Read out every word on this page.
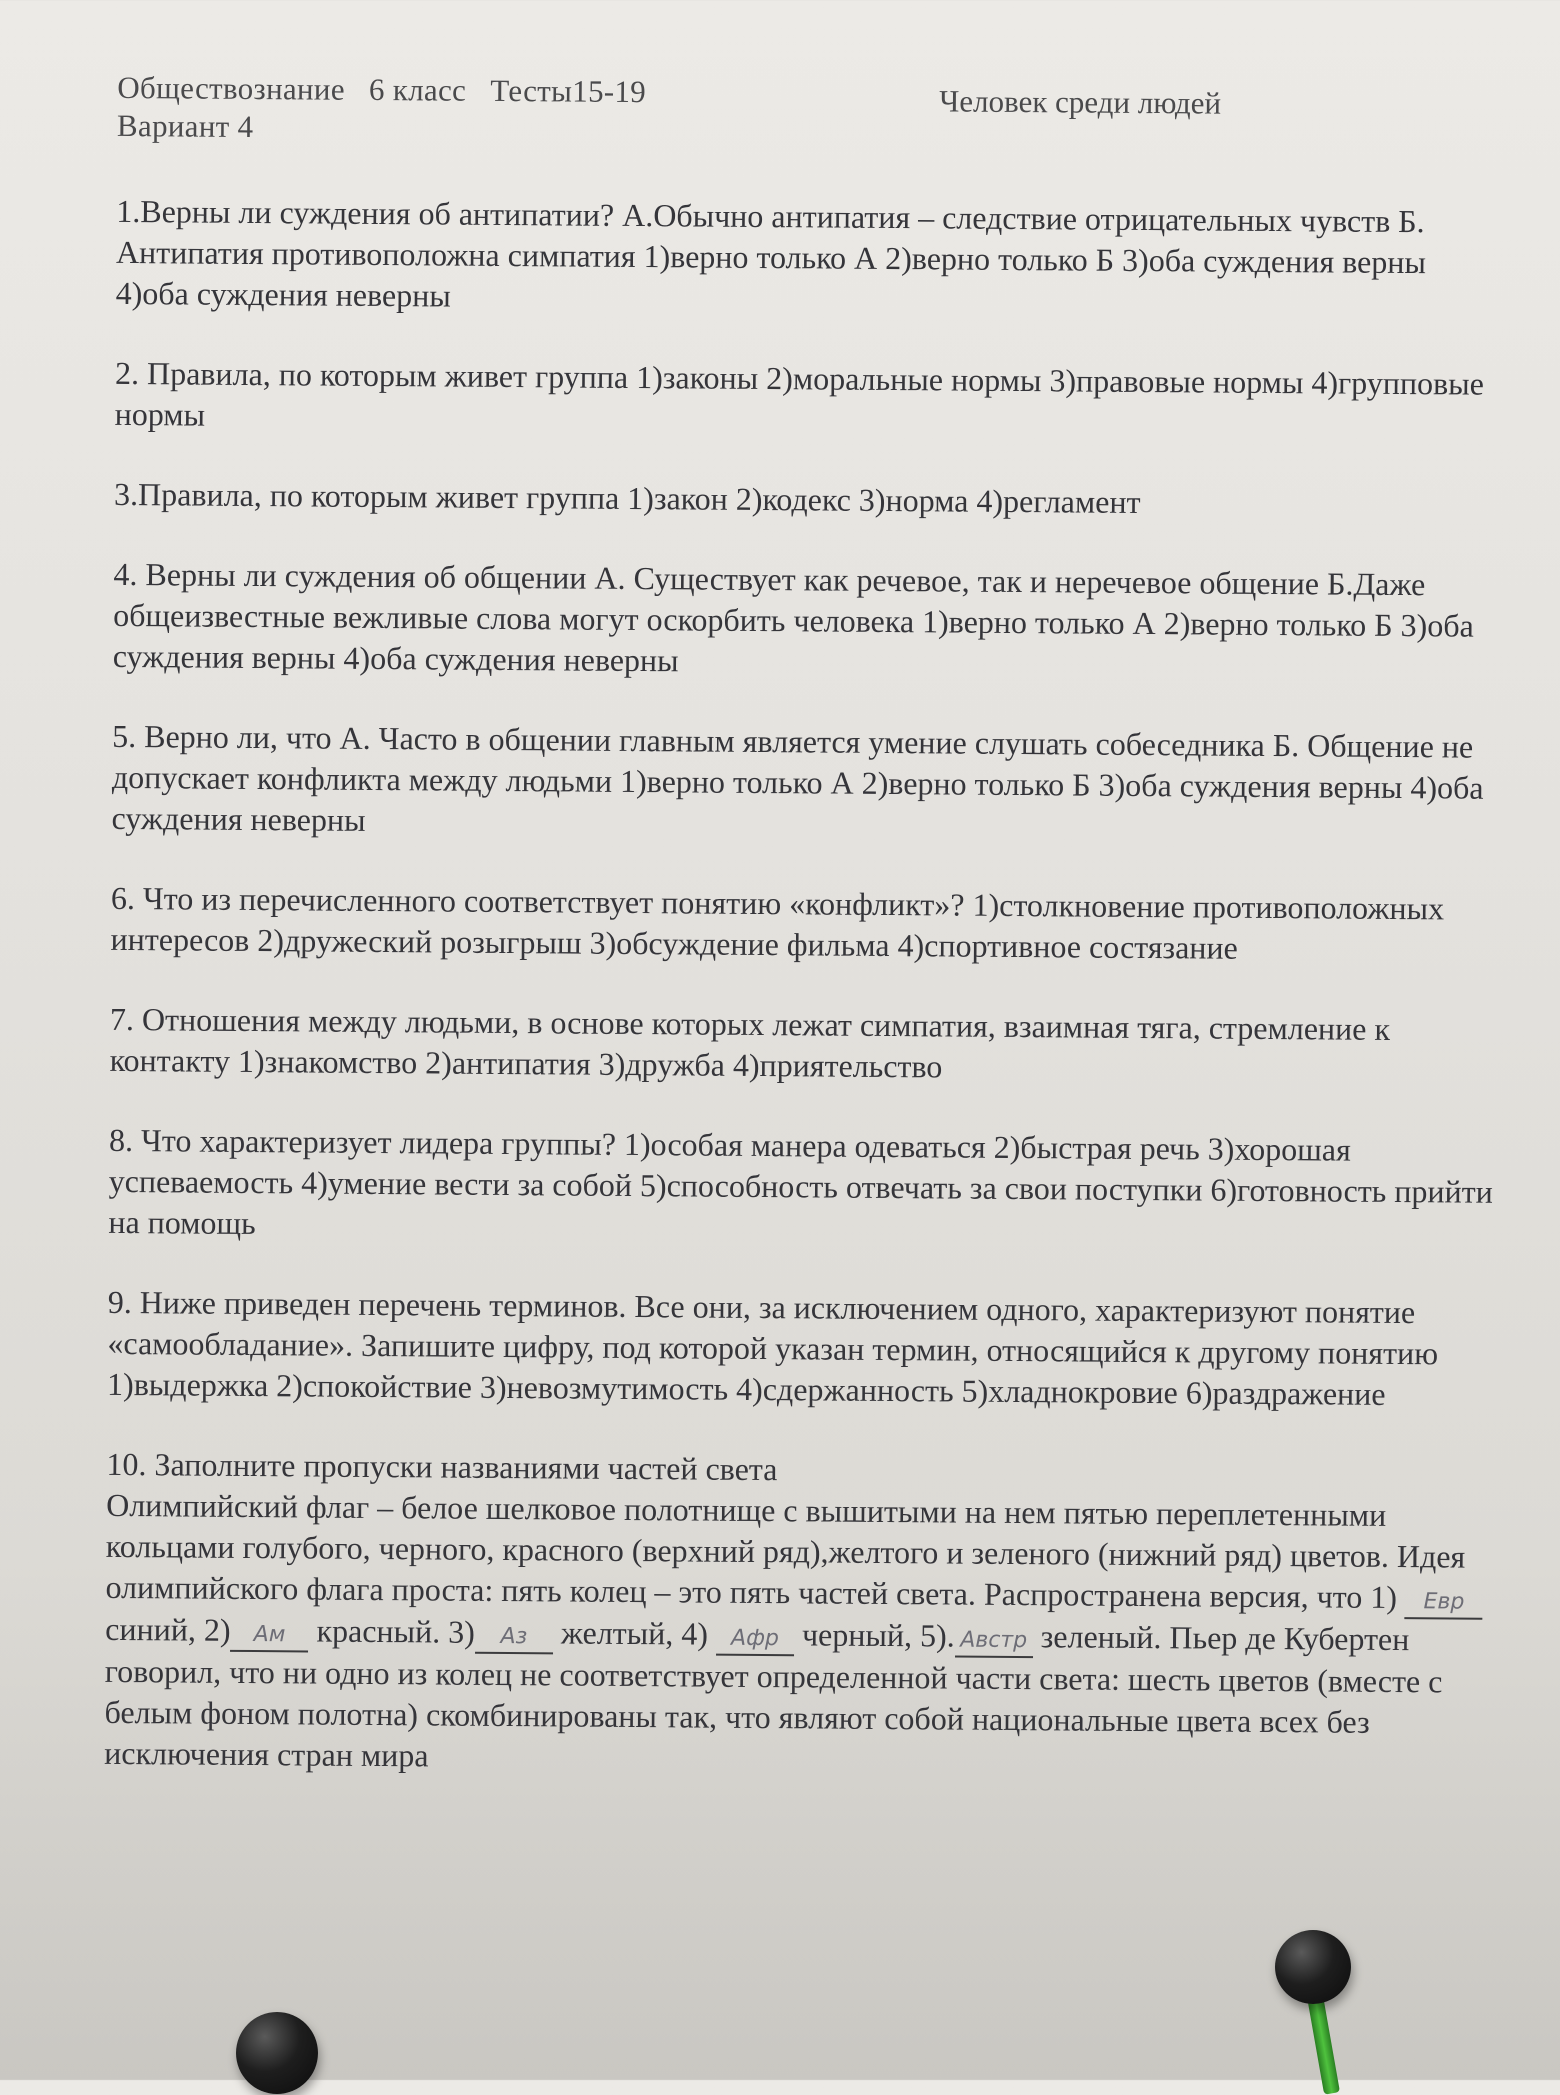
Обществознание 6 класс Тесты15-19
Вариант 4
Человек среди людей

1.Верны ли суждения об антипатии? А.Обычно антипатия – следствие отрицательных чувств Б. Антипатия противоположна симпатия 1)верно только А 2)верно только Б 3)оба суждения верны 4)оба суждения неверны

2. Правила, по которым живет группа 1)законы 2)моральные нормы 3)правовые нормы 4)групповые нормы

3.Правила, по которым живет группа 1)закон 2)кодекс 3)норма 4)регламент

4. Верны ли суждения об общении А. Существует как речевое, так и неречевое общение Б.Даже общеизвестные вежливые слова могут оскорбить человека 1)верно только А 2)верно только Б 3)оба суждения верны 4)оба суждения неверны

5. Верно ли, что А. Часто в общении главным является умение слушать собеседника Б. Общение не допускает конфликта между людьми 1)верно только А 2)верно только Б 3)оба суждения верны 4)оба суждения неверны

6. Что из перечисленного соответствует понятию «конфликт»? 1)столкновение противоположных интересов 2)дружеский розыгрыш 3)обсуждение фильма 4)спортивное состязание

7. Отношения между людьми, в основе которых лежат симпатия, взаимная тяга, стремление к контакту 1)знакомство 2)антипатия 3)дружба 4)приятельство

8. Что характеризует лидера группы? 1)особая манера одеваться 2)быстрая речь 3)хорошая успеваемость 4)умение вести за собой 5)способность отвечать за свои поступки 6)готовность прийти на помощь

9. Ниже приведен перечень терминов. Все они, за исключением одного, характеризуют понятие «самообладание». Запишите цифру, под которой указан термин, относящийся к другому понятию 1)выдержка 2)спокойствие 3)невозмутимость 4)сдержанность 5)хладнокровие 6)раздражение

10. Заполните пропуски названиями частей света
Олимпийский флаг – белое шелковое полотнище с вышитыми на нем пятью переплетенными кольцами голубого, черного, красного (верхний ряд),желтого и зеленого (нижний ряд) цветов. Идея олимпийского флага проста: пять колец – это пять частей света. Распространена версия, что 1) Евр синий, 2) Ам красный. 3) Аз желтый, 4) Афр черный, 5). Австр зеленый. Пьер де Кубертен говорил, что ни одно из колец не соответствует определенной части света: шесть цветов (вместе с белым фоном полотна) скомбинированы так, что являют собой национальные цвета всех без исключения стран мира
